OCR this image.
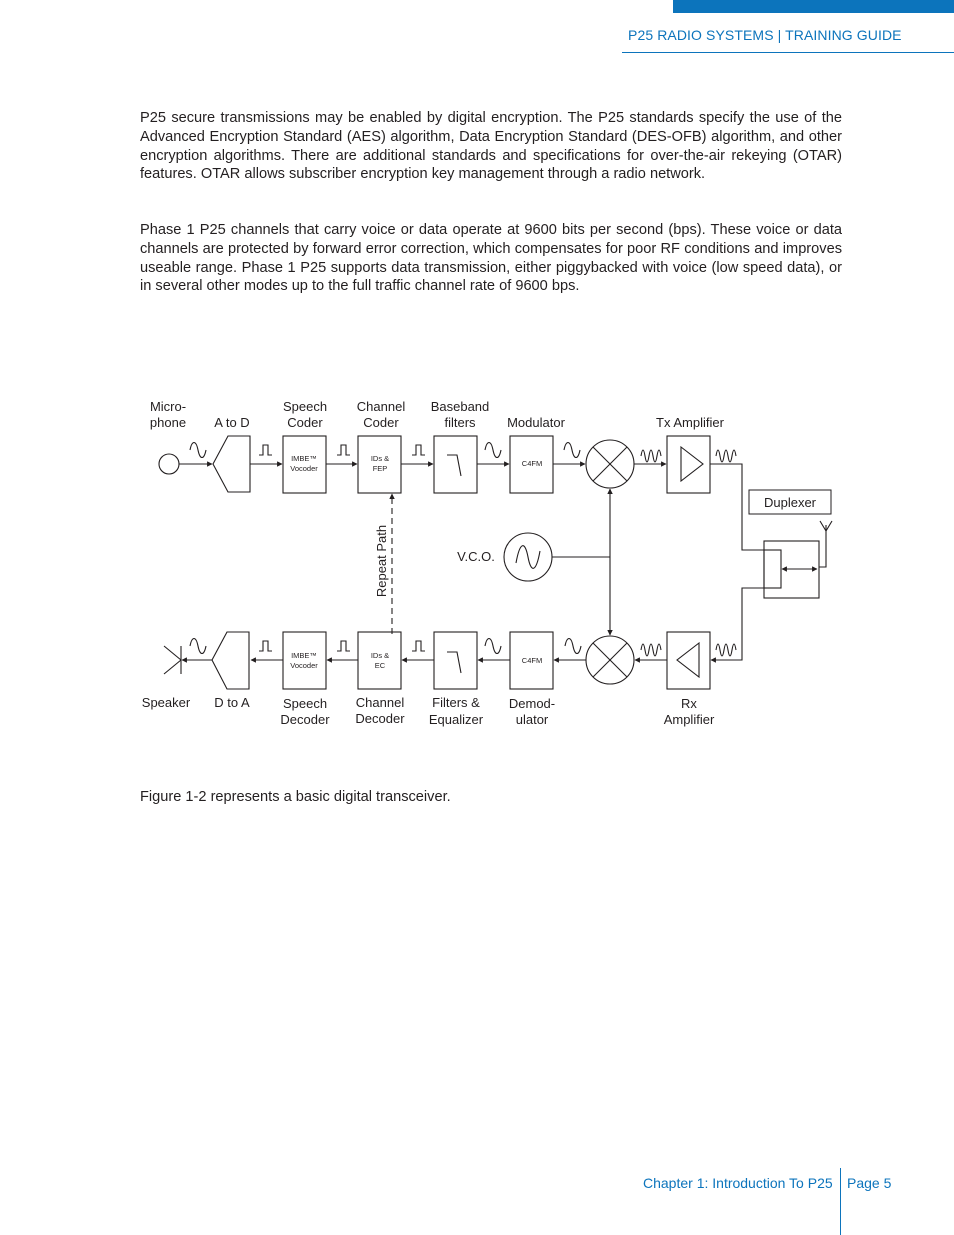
P25 RADIO SYSTEMS | TRAINING GUIDE

P25 secure transmissions may be enabled by digital encryption. The P25 standards specify the use of the Advanced Encryption Standard (AES) algorithm, Data Encryption Standard (DES-OFB) algorithm, and other encryption algorithms. There are additional standards and specifications for over-the-air rekeying (OTAR) features. OTAR allows subscriber encryption key management through a radio network.

Phase 1 P25 channels that carry voice or data operate at 9600 bits per second (bps). These voice or data channels are protected by forward error correction, which compensates for poor RF conditions and improves useable range. Phase 1 P25 supports data transmission, either piggybacked with voice (low speed data), or in several other modes up to the full traffic channel rate of 9600 bps.

Duplexer
Micro-
phone A to D
Speech
Coder
Channel
Coder
Baseband
filters Modulator	Tx Amplifier
IMBE™
Vocoder
IDs &
FEP
C4FM
V.C.O.
Repeat Path
IMBE™
Vocoder
IDs &
EC
C4FM
Speaker D to A	Speech
Decoder
Channel
Decoder
Filters &
Equalizer
Demod-
ulator
Rx
Amplifier
Figure 1-2 represents a basic digital transceiver.
Chapter 1: Introduction To P25 Page 5
